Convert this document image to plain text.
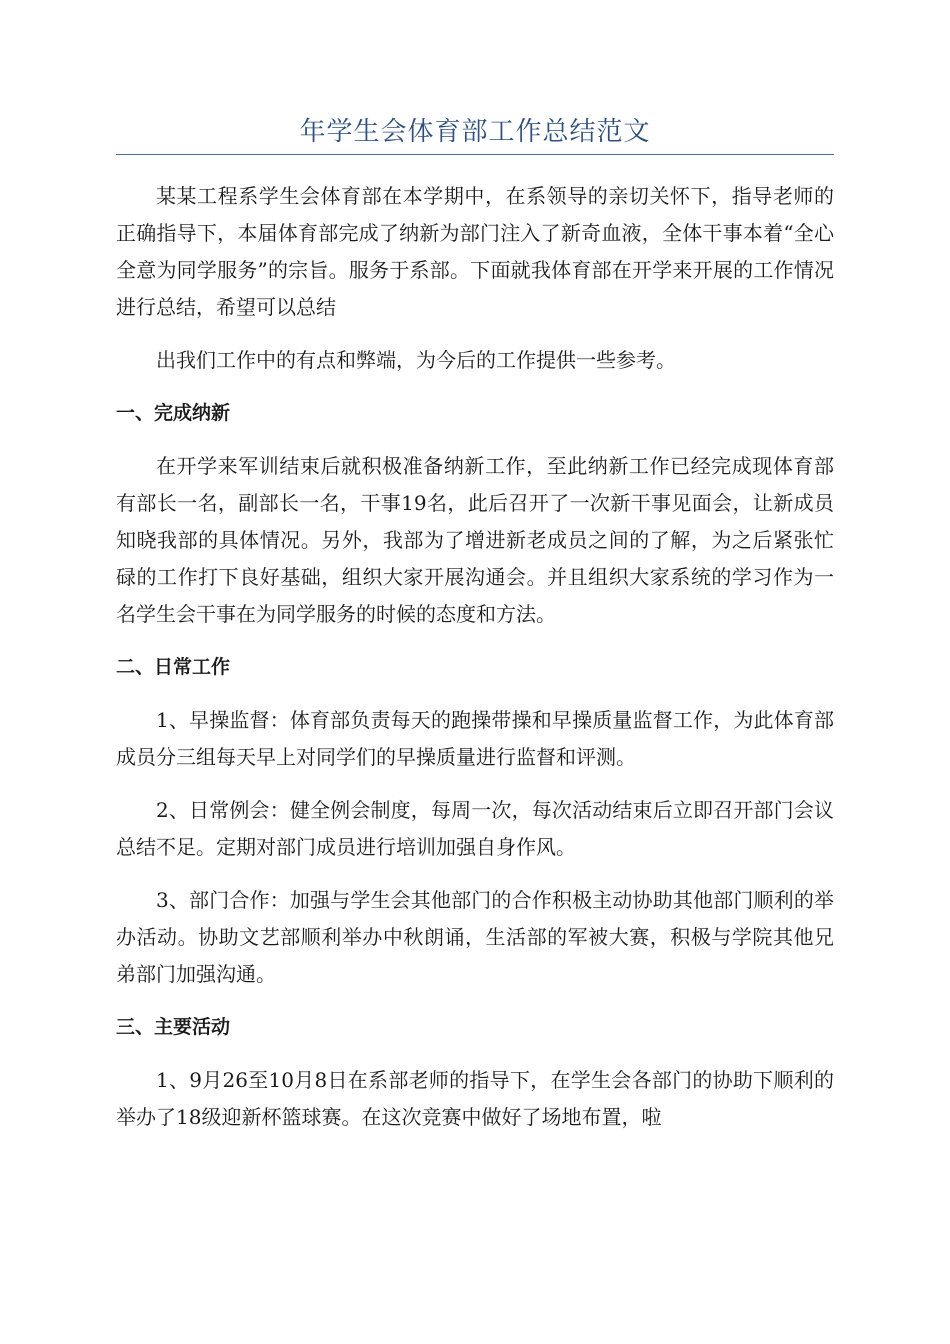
年学生会体育部工作总结范文

某某工程系学生会体育部在本学期中，在系领导的亲切关怀下，指导老师的正确指导下，本届体育部完成了纳新为部门注入了新奇血液，全体干事本着“全心全意为同学服务”的宗旨。服务于系部。下面就我体育部在开学来开展的工作情况进行总结，希望可以总结

出我们工作中的有点和弊端，为今后的工作提供一些参考。

一、完成纳新

在开学来军训结束后就积极准备纳新工作，至此纳新工作已经完成现体育部有部长一名，副部长一名，干事19名，此后召开了一次新干事见面会，让新成员知晓我部的具体情况。另外，我部为了增进新老成员之间的了解，为之后紧张忙碌的工作打下良好基础，组织大家开展沟通会。并且组织大家系统的学习作为一名学生会干事在为同学服务的时候的态度和方法。

二、日常工作

1、早操监督：体育部负责每天的跑操带操和早操质量监督工作，为此体育部成员分三组每天早上对同学们的早操质量进行监督和评测。

2、日常例会：健全例会制度，每周一次，每次活动结束后立即召开部门会议总结不足。定期对部门成员进行培训加强自身作风。

3、部门合作：加强与学生会其他部门的合作积极主动协助其他部门顺利的举办活动。协助文艺部顺利举办中秋朗诵，生活部的军被大赛，积极与学院其他兄弟部门加强沟通。

三、主要活动

1、9月26至10月8日在系部老师的指导下，在学生会各部门的协助下顺利的举办了18级迎新杯篮球赛。在这次竞赛中做好了场地布置，啦
